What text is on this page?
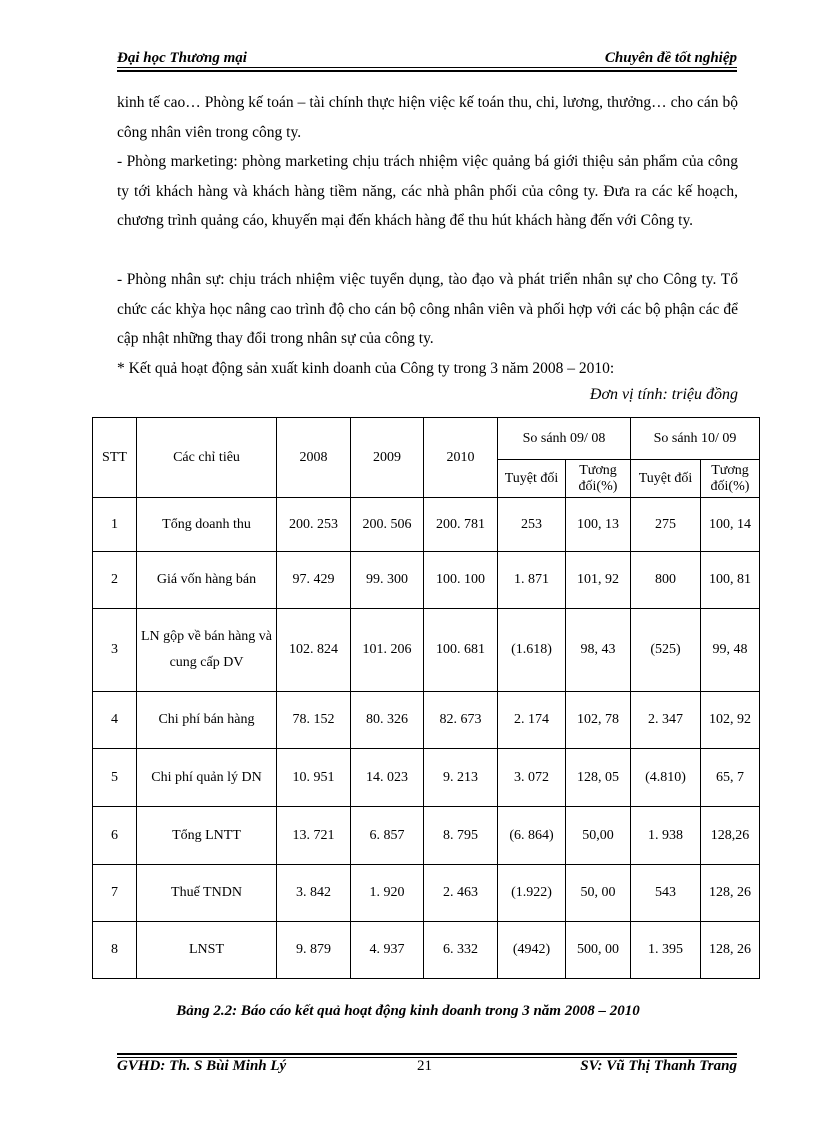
Đại học Thương mại	Chuyên đề tốt nghiệp

kinh tế cao… Phòng kế toán – tài chính thực hiện việc kế toán thu, chi, lương, thưởng… cho cán bộ công nhân viên trong công ty.

- Phòng marketing: phòng marketing chịu trách nhiệm việc quảng bá giới thiệu sản phẩm của công ty tới khách hàng và khách hàng tiềm năng, các nhà phân phối của công ty. Đưa ra các kế hoạch, chương trình quảng cáo, khuyến mại đến khách hàng để thu hút khách hàng đến với Công ty.

- Phòng nhân sự: chịu trách nhiệm việc tuyển dụng, tào đạo và phát triển nhân sự cho Công ty. Tổ chức các khỳa học nâng cao trình độ cho cán bộ công nhân viên và phối hợp với các bộ phận các để cập nhật những thay đổi trong nhân sự của công ty.

* Kết quả hoạt động sản xuất kinh doanh của Công ty trong 3 năm 2008 – 2010:

Đơn vị tính: triệu đồng
STT	Các chỉ tiêu	2008	2009	2010	So sánh 09/ 08		So sánh 10/ 09	
					Tuyệt đối	Tương đối(%)	Tuyệt đối	Tương đối(%)
1	Tổng doanh thu	200. 253	200. 506	200. 781	253	100, 13	275	100, 14
2	Giá vốn hàng bán	97. 429	99. 300	100. 100	1. 871	101, 92	800	100, 81
3	LN gộp về bán hàng và cung cấp DV	102. 824	101. 206	100. 681	(1.618)	98, 43	(525)	99, 48
4	Chi phí bán hàng	78. 152	80. 326	82. 673	2. 174	102, 78	2. 347	102, 92
5	Chi phí quản lý DN	10. 951	14. 023	9. 213	3. 072	128, 05	(4.810)	65, 7
6	Tổng LNTT	13. 721	6. 857	8. 795	(6. 864)	50,00	1. 938	128,26
7	Thuế TNDN	3. 842	1. 920	2. 463	(1.922)	50, 00	543	128, 26
8	LNST	9. 879	4. 937	6. 332	(4942)	500, 00	1. 395	128, 26
Bảng 2.2: Báo cáo kết quả hoạt động kinh doanh trong 3 năm 2008 – 2010
GVHD: Th. S Bùi Minh Lý	21	SV: Vũ Thị Thanh Trang
